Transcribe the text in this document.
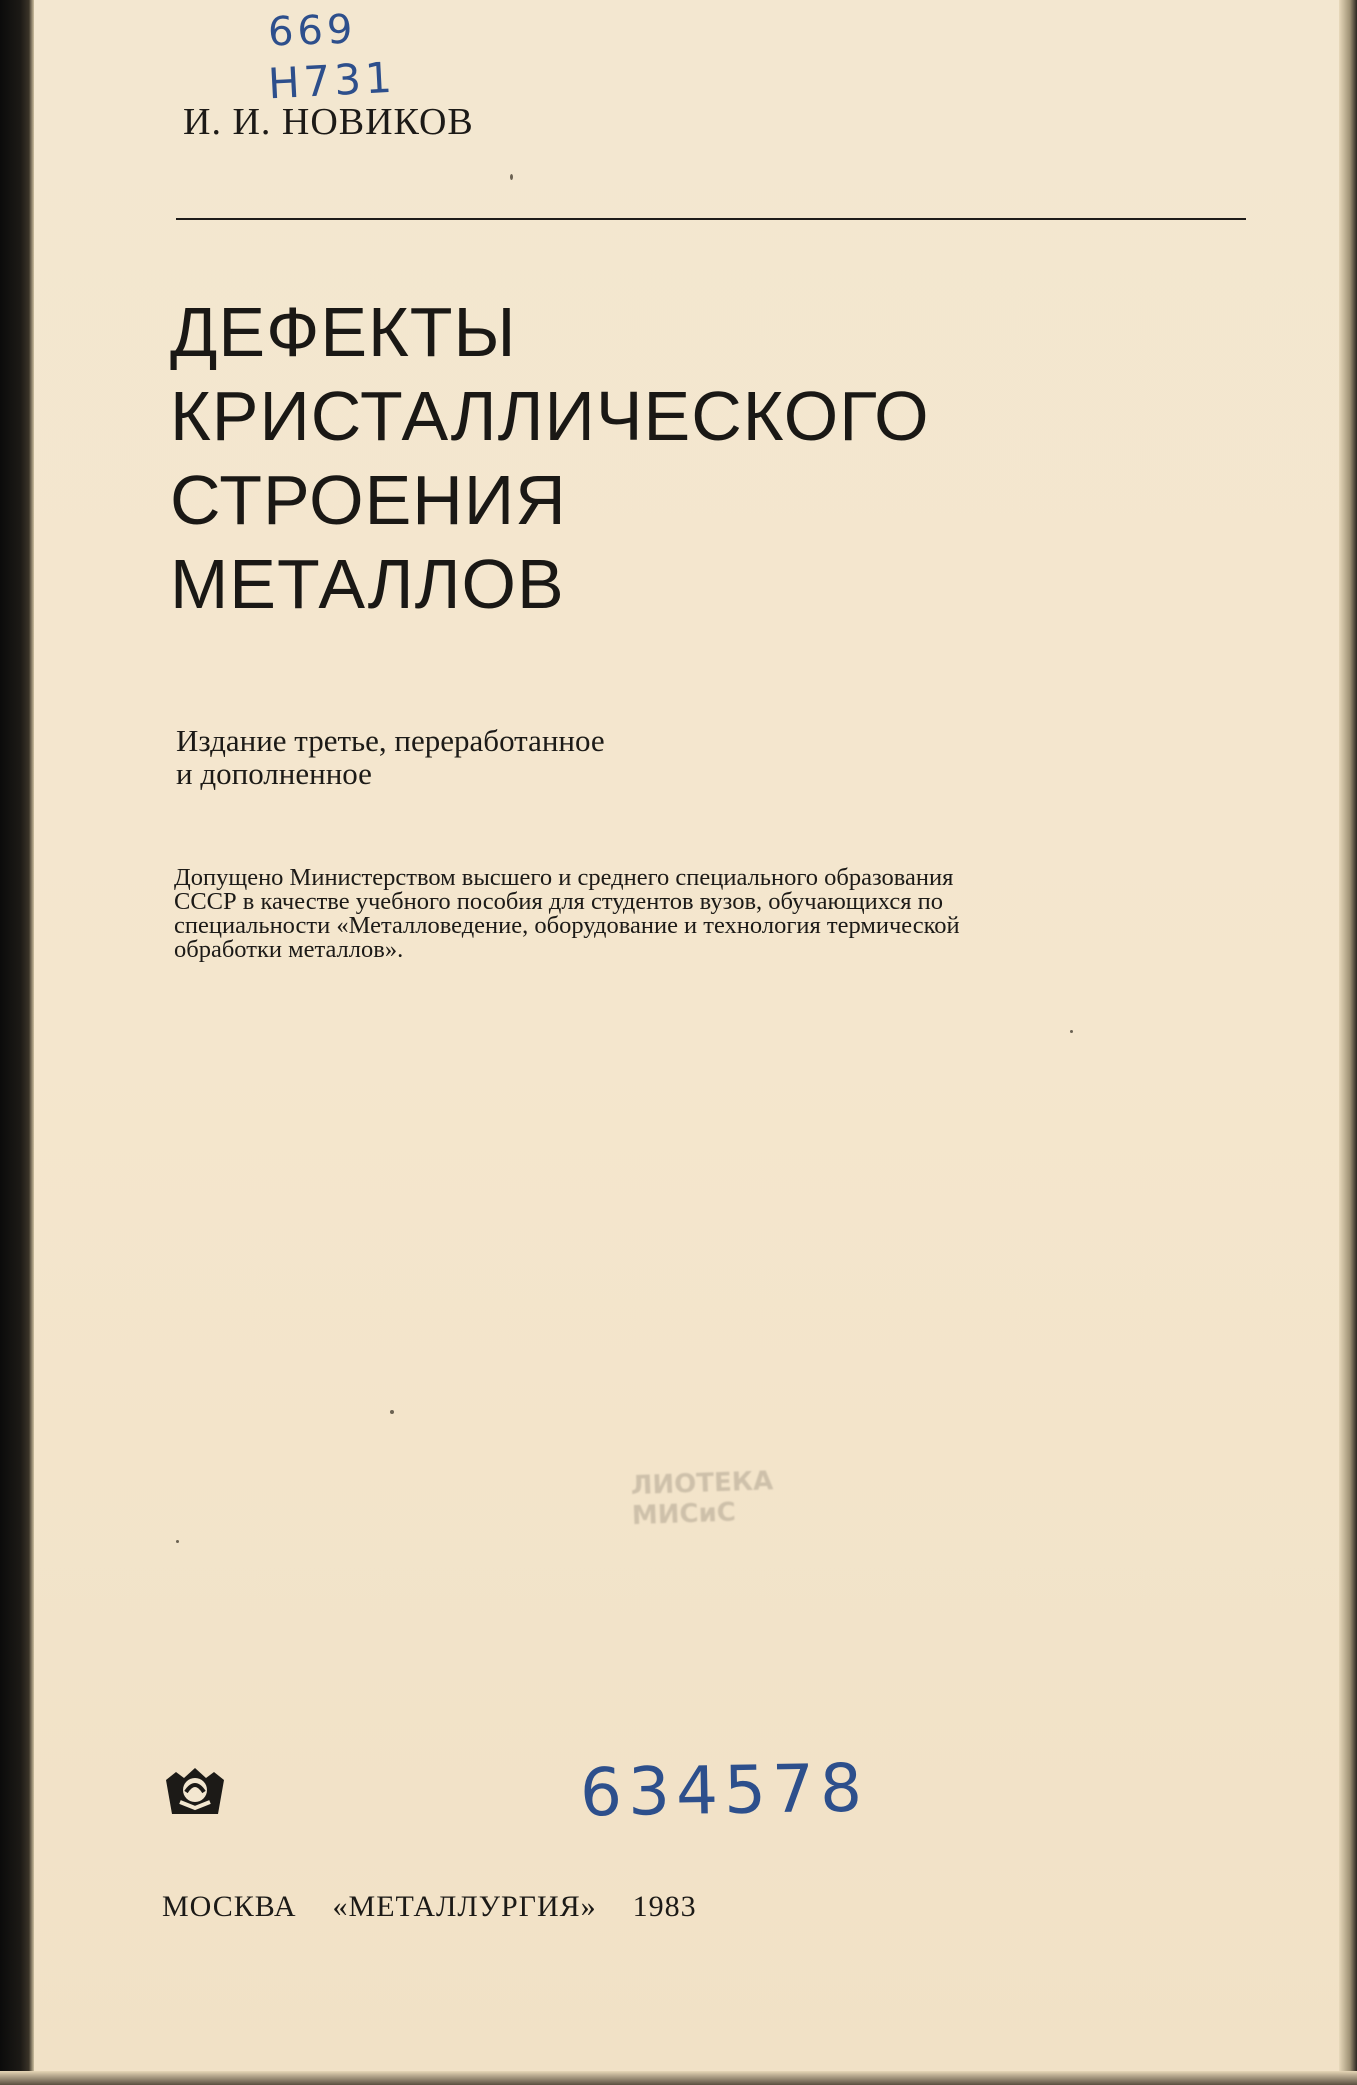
669
Н731
И. И. НОВИКОВ
ДЕФЕКТЫ
КРИСТАЛЛИЧЕСКОГО
СТРОЕНИЯ
МЕТАЛЛОВ
Издание третье, переработанное
и дополненное
Допущено Министерством высшего и среднего специального образования
СССР в качестве учебного пособия для студентов вузов, обучающихся по
специальности «Металловедение, оборудование и технология термической
обработки металлов».
ЛИОТЕКА
МИСиС
634578
МОСКВА «МЕТАЛЛУРГИЯ» 1983
